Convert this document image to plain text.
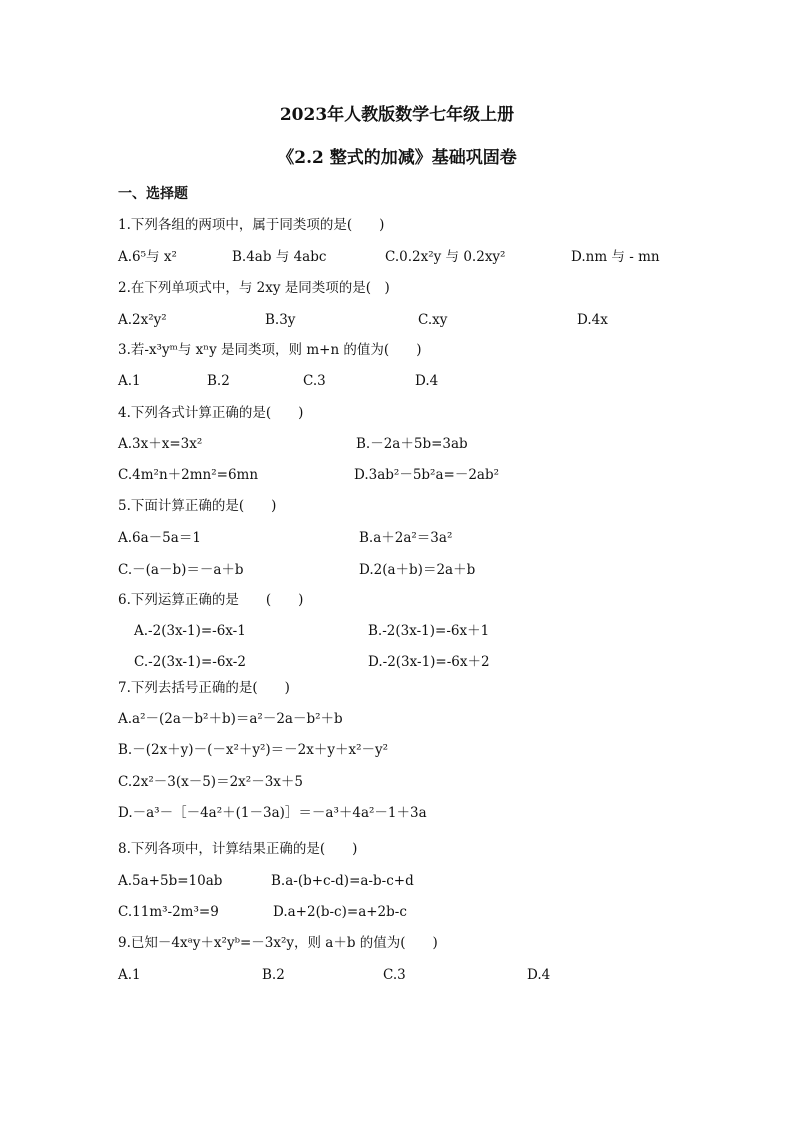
2023年人教版数学七年级上册
《2.2 整式的加减》基础巩固卷
一、选择题
1.下列各组的两项中，属于同类项的是(　　)
A.6⁵与 x²	B.4ab 与 4abc	C.0.2x²y 与 0.2xy²	D.nm 与 - mn
2.在下列单项式中，与 2xy 是同类项的是(　)
A.2x²y²	B.3y	C.xy	D.4x
3.若-x³yᵐ与 xⁿy 是同类项，则 m+n 的值为(　　)
A.1	B.2	C.3	D.4
4.下列各式计算正确的是(　　)
A.3x＋x=3x²	B.－2a＋5b=3ab
C.4m²n＋2mn²=6mn	D.3ab²－5b²a=－2ab²
5.下面计算正确的是(　　)
A.6a－5a＝1	B.a＋2a²＝3a²
C.－(a－b)＝－a＋b	D.2(a＋b)＝2a＋b
6.下列运算正确的是　　(　　)
A.-2(3x-1)=-6x-1	B.-2(3x-1)=-6x＋1
C.-2(3x-1)=-6x-2	D.-2(3x-1)=-6x＋2
7.下列去括号正确的是(　　)
A.a²－(2a－b²＋b)＝a²－2a－b²＋b
B.－(2x＋y)－(－x²＋y²)＝－2x＋y＋x²－y²
C.2x²－3(x－5)＝2x²－3x＋5
D.－a³－［－4a²＋(1－3a)］＝－a³＋4a²－1＋3a
8.下列各项中，计算结果正确的是(　　)
A.5a+5b=10ab	B.a-(b+c-d)=a-b-c+d
C.11m³-2m³=9	D.a+2(b-c)=a+2b-c
9.已知－4xᵃy＋x²yᵇ=－3x²y，则 a＋b 的值为(　　)
A.1	B.2	C.3	D.4
